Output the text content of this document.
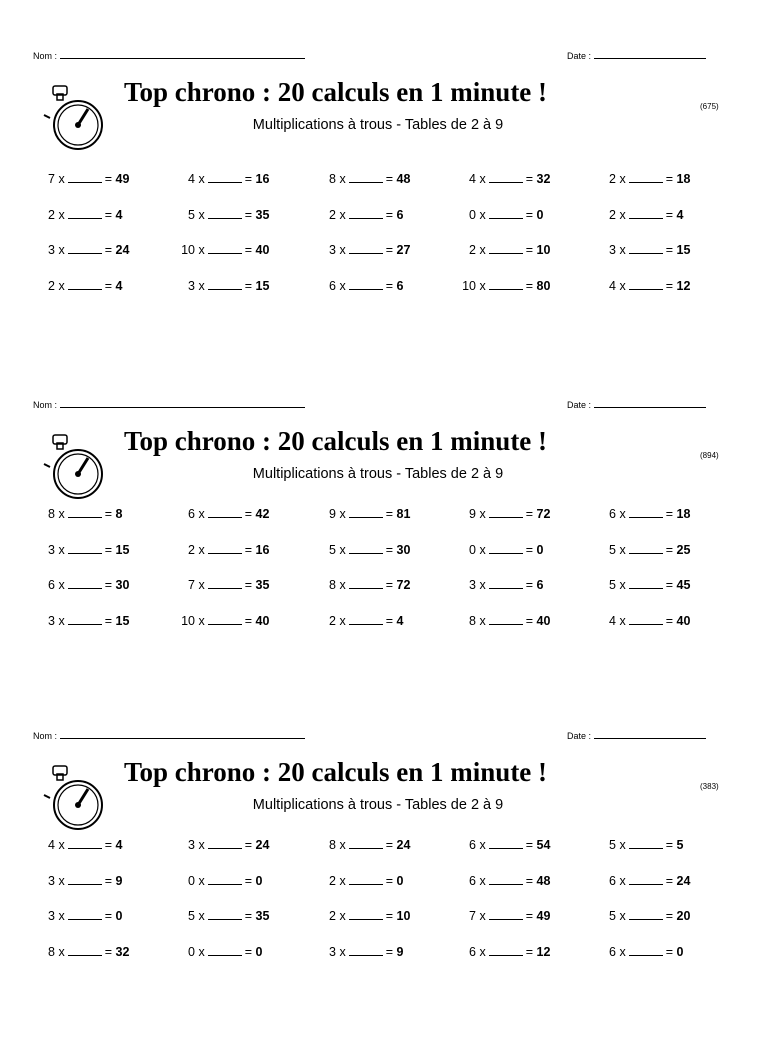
Nom :	Date :
Top chrono : 20 calculs en 1 minute !
Multiplications à trous - Tables de 2 à 9
(675)
7 x	= 49	4 x	= 16	8 x	= 48	4 x	= 32	2 x	= 18
2 x	= 4	5 x	= 35	2 x	= 6	0 x	= 0	2 x	= 4
3 x	= 24	10 x	= 40	3 x	= 27	2 x	= 10	3 x	= 15
2 x	= 4	3 x	= 15	6 x	= 6	10 x	= 80	4 x	= 12
Nom :	Date :
Top chrono : 20 calculs en 1 minute !
Multiplications à trous - Tables de 2 à 9
(894)
8 x	= 8	6 x	= 42	9 x	= 81	9 x	= 72	6 x	= 18
3 x	= 15	2 x	= 16	5 x	= 30	0 x	= 0	5 x	= 25
6 x	= 30	7 x	= 35	8 x	= 72	3 x	= 6	5 x	= 45
3 x	= 15	10 x	= 40	2 x	= 4	8 x	= 40	4 x	= 40
Nom :	Date :
Top chrono : 20 calculs en 1 minute !
Multiplications à trous - Tables de 2 à 9
(383)
4 x	= 4	3 x	= 24	8 x	= 24	6 x	= 54	5 x	= 5
3 x	= 9	0 x	= 0	2 x	= 0	6 x	= 48	6 x	= 24
3 x	= 0	5 x	= 35	2 x	= 10	7 x	= 49	5 x	= 20
8 x	= 32	0 x	= 0	3 x	= 9	6 x	= 12	6 x	= 0
